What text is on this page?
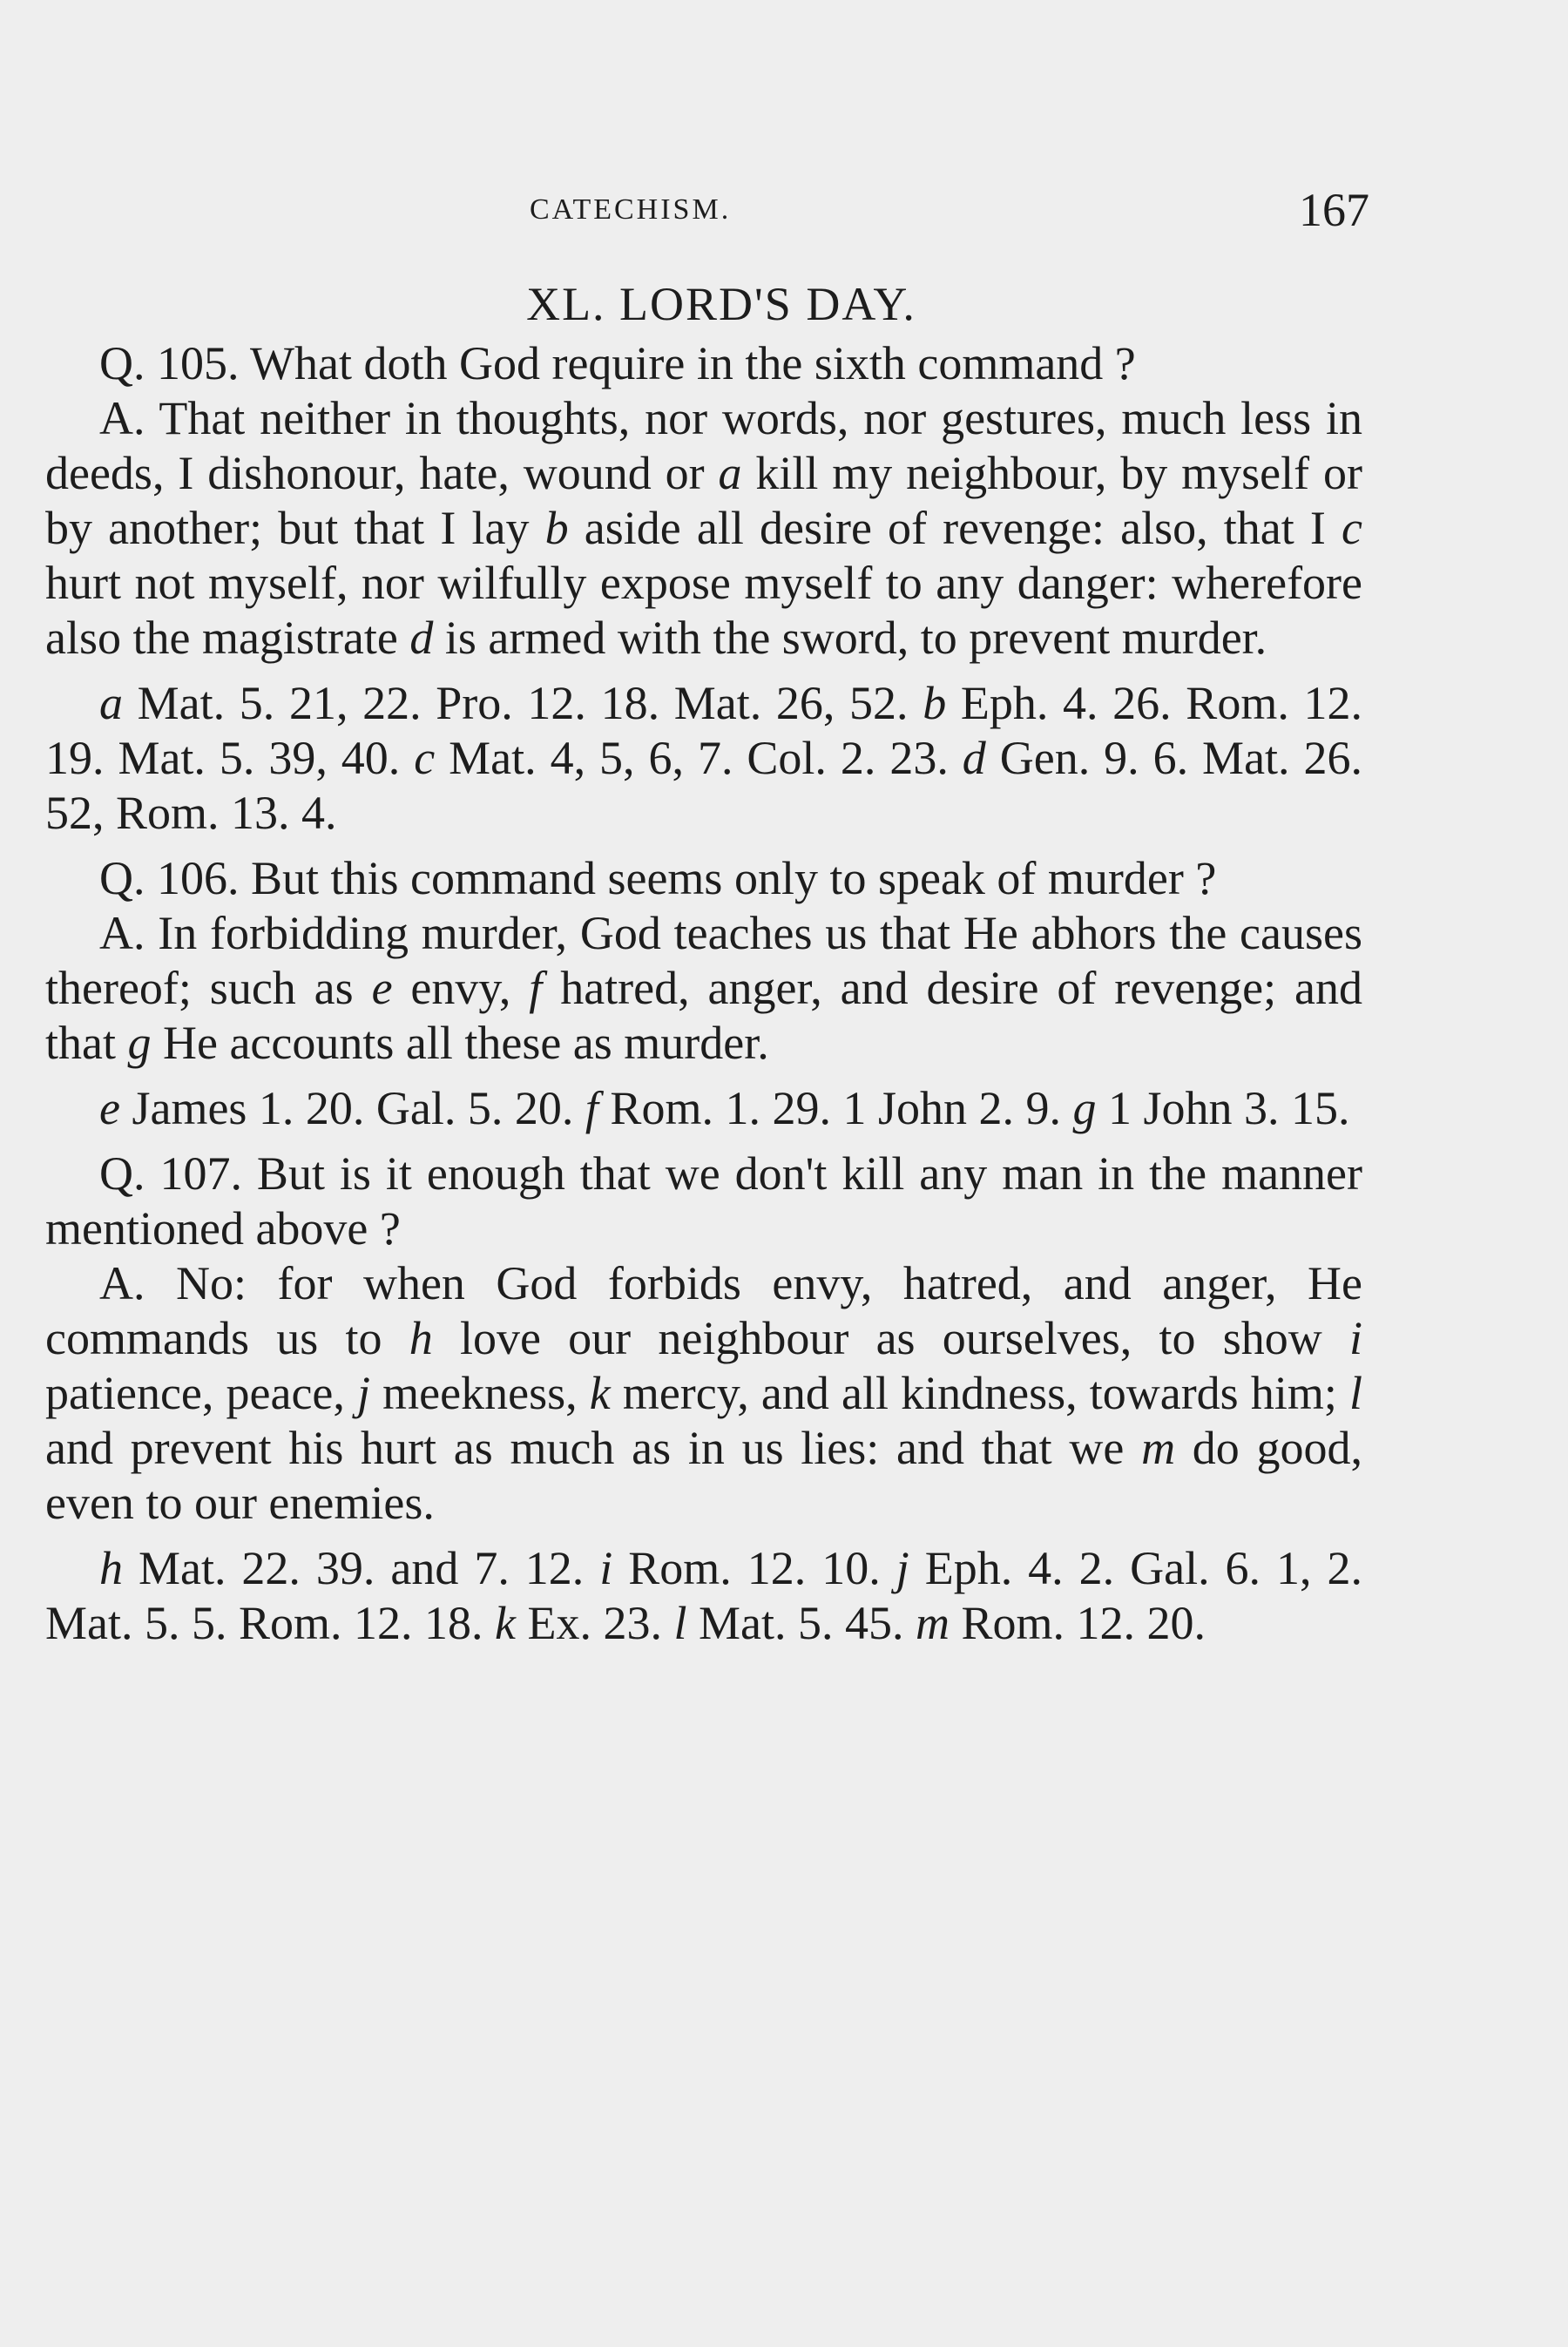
CATECHISM.	167
XL. LORD'S DAY.

Q. 105. What doth God require in the sixth command ?

A. That neither in thoughts, nor words, nor gestures, much less in deeds, I dishonour, hate, wound or a kill my neighbour, by myself or by another; but that I lay b aside all desire of revenge: also, that I c hurt not myself, nor wilfully expose myself to any danger: wherefore also the magistrate d is armed with the sword, to prevent murder.

a Mat. 5. 21, 22. Pro. 12. 18. Mat. 26, 52. b Eph. 4. 26. Rom. 12. 19. Mat. 5. 39, 40. c Mat. 4, 5, 6, 7. Col. 2. 23. d Gen. 9. 6. Mat. 26. 52, Rom. 13. 4.

Q. 106. But this command seems only to speak of murder ?

A. In forbidding murder, God teaches us that He abhors the causes thereof; such as e envy, f hatred, anger, and desire of revenge; and that g He accounts all these as murder.

e James 1. 20. Gal. 5. 20. f Rom. 1. 29. 1 John 2. 9. g 1 John 3. 15.

Q. 107. But is it enough that we don't kill any man in the manner mentioned above ?

A. No: for when God forbids envy, hatred, and anger, He commands us to h love our neighbour as ourselves, to show i patience, peace, j meekness, k mercy, and all kindness, towards him; l and prevent his hurt as much as in us lies: and that we m do good, even to our enemies.

h Mat. 22. 39. and 7. 12. i Rom. 12. 10. j Eph. 4. 2. Gal. 6. 1, 2. Mat. 5. 5. Rom. 12. 18. k Ex. 23. l Mat. 5. 45. m Rom. 12. 20.
